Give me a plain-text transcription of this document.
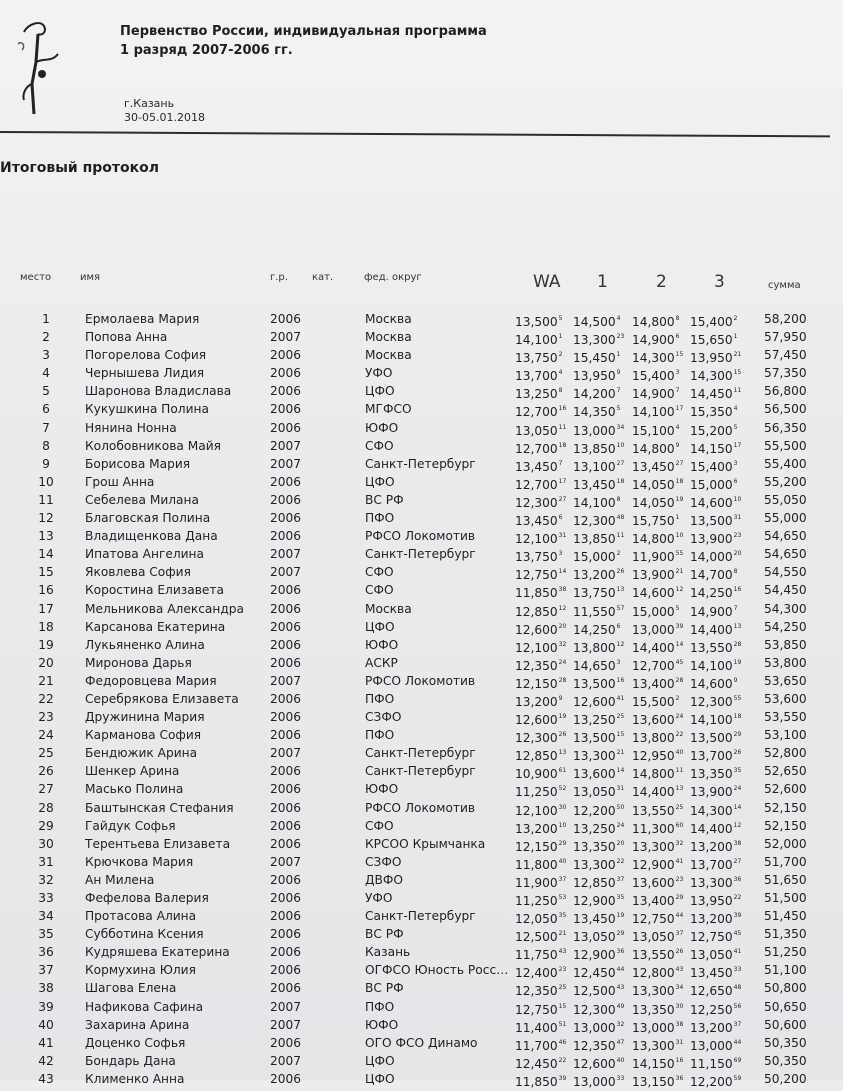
Первенство России, индивидуальная программа
1 разряд 2007-2006 гг.
г.Казань
30-05.01.2018
Итоговый протокол
место	имя	г.р. кат.	фед. округ	WA 1	2	3	сумма
1	Ермолаева Мария	2006	Москва	13,500$^5$ 14,500$^4$ 14,800$^8$ 15,400$^2$	58,200
2	Попова Анна	2007	Москва	14,100$^1$ 13,300$^{23}$ 14,900$^6$ 15,650$^1$	57,950
3	Погорелова София	2006	Москва	13,750$^2$ 15,450$^1$ 14,300$^{15}$ 13,950$^{21}$	57,450
4	Чернышева Лидия	2006	УФО	13,700$^4$ 13,950$^9$ 15,400$^3$ 14,300$^{15}$	57,350
5	Шаронова Владислава	2006	ЦФО	13,250$^8$ 14,200$^7$ 14,900$^7$ 14,450$^{11}$	56,800
6	Кукушкина Полина	2006	МГФСО	12,700$^{16}$ 14,350$^5$ 14,100$^{17}$ 15,350$^4$	56,500
7	Нянина Нонна	2006	ЮФО	13,050$^{11}$ 13,000$^{34}$ 15,100$^4$ 15,200$^5$	56,350
8	Колобовникова Майя	2007	СФО	12,700$^{18}$ 13,850$^{10}$ 14,800$^9$ 14,150$^{17}$	55,500
9	Борисова Мария	2007	Санкт-Петербург	13,450$^7$ 13,100$^{27}$ 13,450$^{27}$ 15,400$^3$	55,400
10	Грош Анна	2006	ЦФО	12,700$^{17}$ 13,450$^{18}$ 14,050$^{18}$ 15,000$^6$	55,200
11	Себелева Милана	2006	ВС РФ	12,300$^{27}$ 14,100$^8$ 14,050$^{19}$ 14,600$^{10}$	55,050
12	Благовская Полина	2006	ПФО	13,450$^6$ 12,300$^{48}$ 15,750$^1$ 13,500$^{31}$	55,000
13	Владищенкова Дана	2006	РФСО Локомотив	12,100$^{31}$ 13,850$^{11}$ 14,800$^{10}$ 13,900$^{23}$	54,650
14	Ипатова Ангелина	2007	Санкт-Петербург	13,750$^3$ 15,000$^2$ 11,900$^{55}$ 14,000$^{20}$	54,650
15	Яковлева София	2007	СФО	12,750$^{14}$ 13,200$^{26}$ 13,900$^{21}$ 14,700$^8$	54,550
16	Коростина Елизавета	2006	СФО	11,850$^{38}$ 13,750$^{13}$ 14,600$^{12}$ 14,250$^{16}$	54,450
17	Мельникова Александра 2006	Москва	12,850$^{12}$ 11,550$^{57}$ 15,000$^5$ 14,900$^7$	54,300
18	Карсанова Екатерина	2006	ЦФО	12,600$^{20}$ 14,250$^6$ 13,000$^{39}$ 14,400$^{13}$	54,250
19	Лукьяненко Алина	2006	ЮФО	12,100$^{32}$ 13,800$^{12}$ 14,400$^{14}$ 13,550$^{28}$	53,850
20	Миронова Дарья	2006	АСКР	12,350$^{24}$ 14,650$^3$ 12,700$^{45}$ 14,100$^{19}$	53,800
21	Федоровцева Мария	2007	РФСО Локомотив	12,150$^{28}$ 13,500$^{16}$ 13,400$^{28}$ 14,600$^9$	53,650
22	Серебрякова Елизавета	2006	ПФО	13,200$^9$ 12,600$^{41}$ 15,500$^2$ 12,300$^{55}$	53,600
23	Дружинина Мария	2006	СЗФО	12,600$^{19}$ 13,250$^{25}$ 13,600$^{24}$ 14,100$^{18}$	53,550
24	Карманова София	2006	ПФО	12,300$^{26}$ 13,500$^{15}$ 13,800$^{22}$ 13,500$^{29}$	53,100
25	Бендюжик Арина	2007	Санкт-Петербург	12,850$^{13}$ 13,300$^{21}$ 12,950$^{40}$ 13,700$^{26}$	52,800
26	Шенкер Арина	2006	Санкт-Петербург	10,900$^{61}$ 13,600$^{14}$ 14,800$^{11}$ 13,350$^{35}$	52,650
27	Масько Полина	2006	ЮФО	11,250$^{52}$ 13,050$^{31}$ 14,400$^{13}$ 13,900$^{24}$	52,600
28	Баштынская Стефания	2006	РФСО Локомотив	12,100$^{30}$ 12,200$^{50}$ 13,550$^{25}$ 14,300$^{14}$	52,150
29	Гайдук Софья	2006	СФО	13,200$^{10}$ 13,250$^{24}$ 11,300$^{60}$ 14,400$^{12}$	52,150
30	Терентьева Елизавета	2006	КРСОО Крымчанка 12,150$^{29}$ 13,350$^{20}$ 13,300$^{32}$ 13,200$^{38}$	52,000
31	Крючкова Мария	2007	СЗФО	11,800$^{40}$ 13,300$^{22}$ 12,900$^{41}$ 13,700$^{27}$	51,700
32	Ан Милена	2006	ДВФО	11,900$^{37}$ 12,850$^{37}$ 13,600$^{23}$ 13,300$^{36}$	51,650
33	Фефелова Валерия	2006	УФО	11,250$^{53}$ 12,900$^{35}$ 13,400$^{29}$ 13,950$^{22}$	51,500
34	Протасова Алина	2006	Санкт-Петербург	12,050$^{35}$ 13,450$^{19}$ 12,750$^{44}$ 13,200$^{39}$	51,450
35	Субботина Ксения	2006	ВС РФ	12,500$^{21}$ 13,050$^{29}$ 13,050$^{37}$ 12,750$^{45}$	51,350
36	Кудряшева Екатерина	2006	Казань	11,750$^{43}$ 12,900$^{36}$ 13,550$^{26}$ 13,050$^{41}$	51,250
37	Кормухина Юлия	2006	ОГФСО Юность Росс… 12,400$^{23}$ 12,450$^{44}$ 12,800$^{43}$ 13,450$^{33}$	51,100
38	Шагова Елена	2006	ВС РФ	12,350$^{25}$ 12,500$^{43}$ 13,300$^{34}$ 12,650$^{48}$	50,800
39	Нафикова Сафина	2007	ПФО	12,750$^{15}$ 12,300$^{49}$ 13,350$^{30}$ 12,250$^{56}$	50,650
40	Захарина Арина	2007	ЮФО	11,400$^{51}$ 13,000$^{32}$ 13,000$^{38}$ 13,200$^{37}$	50,600
41	Доценко Софья	2006	ОГО ФСО Динамо	11,700$^{46}$ 12,350$^{47}$ 13,300$^{31}$ 13,000$^{44}$	50,350
42	Бондарь Дана	2007	ЦФО	12,450$^{22}$ 12,600$^{40}$ 14,150$^{16}$ 11,150$^{69}$	50,350
43	Клименко Анна	2006	ЦФО	11,850$^{39}$ 13,000$^{33}$ 13,150$^{36}$ 12,200$^{59}$	50,200
